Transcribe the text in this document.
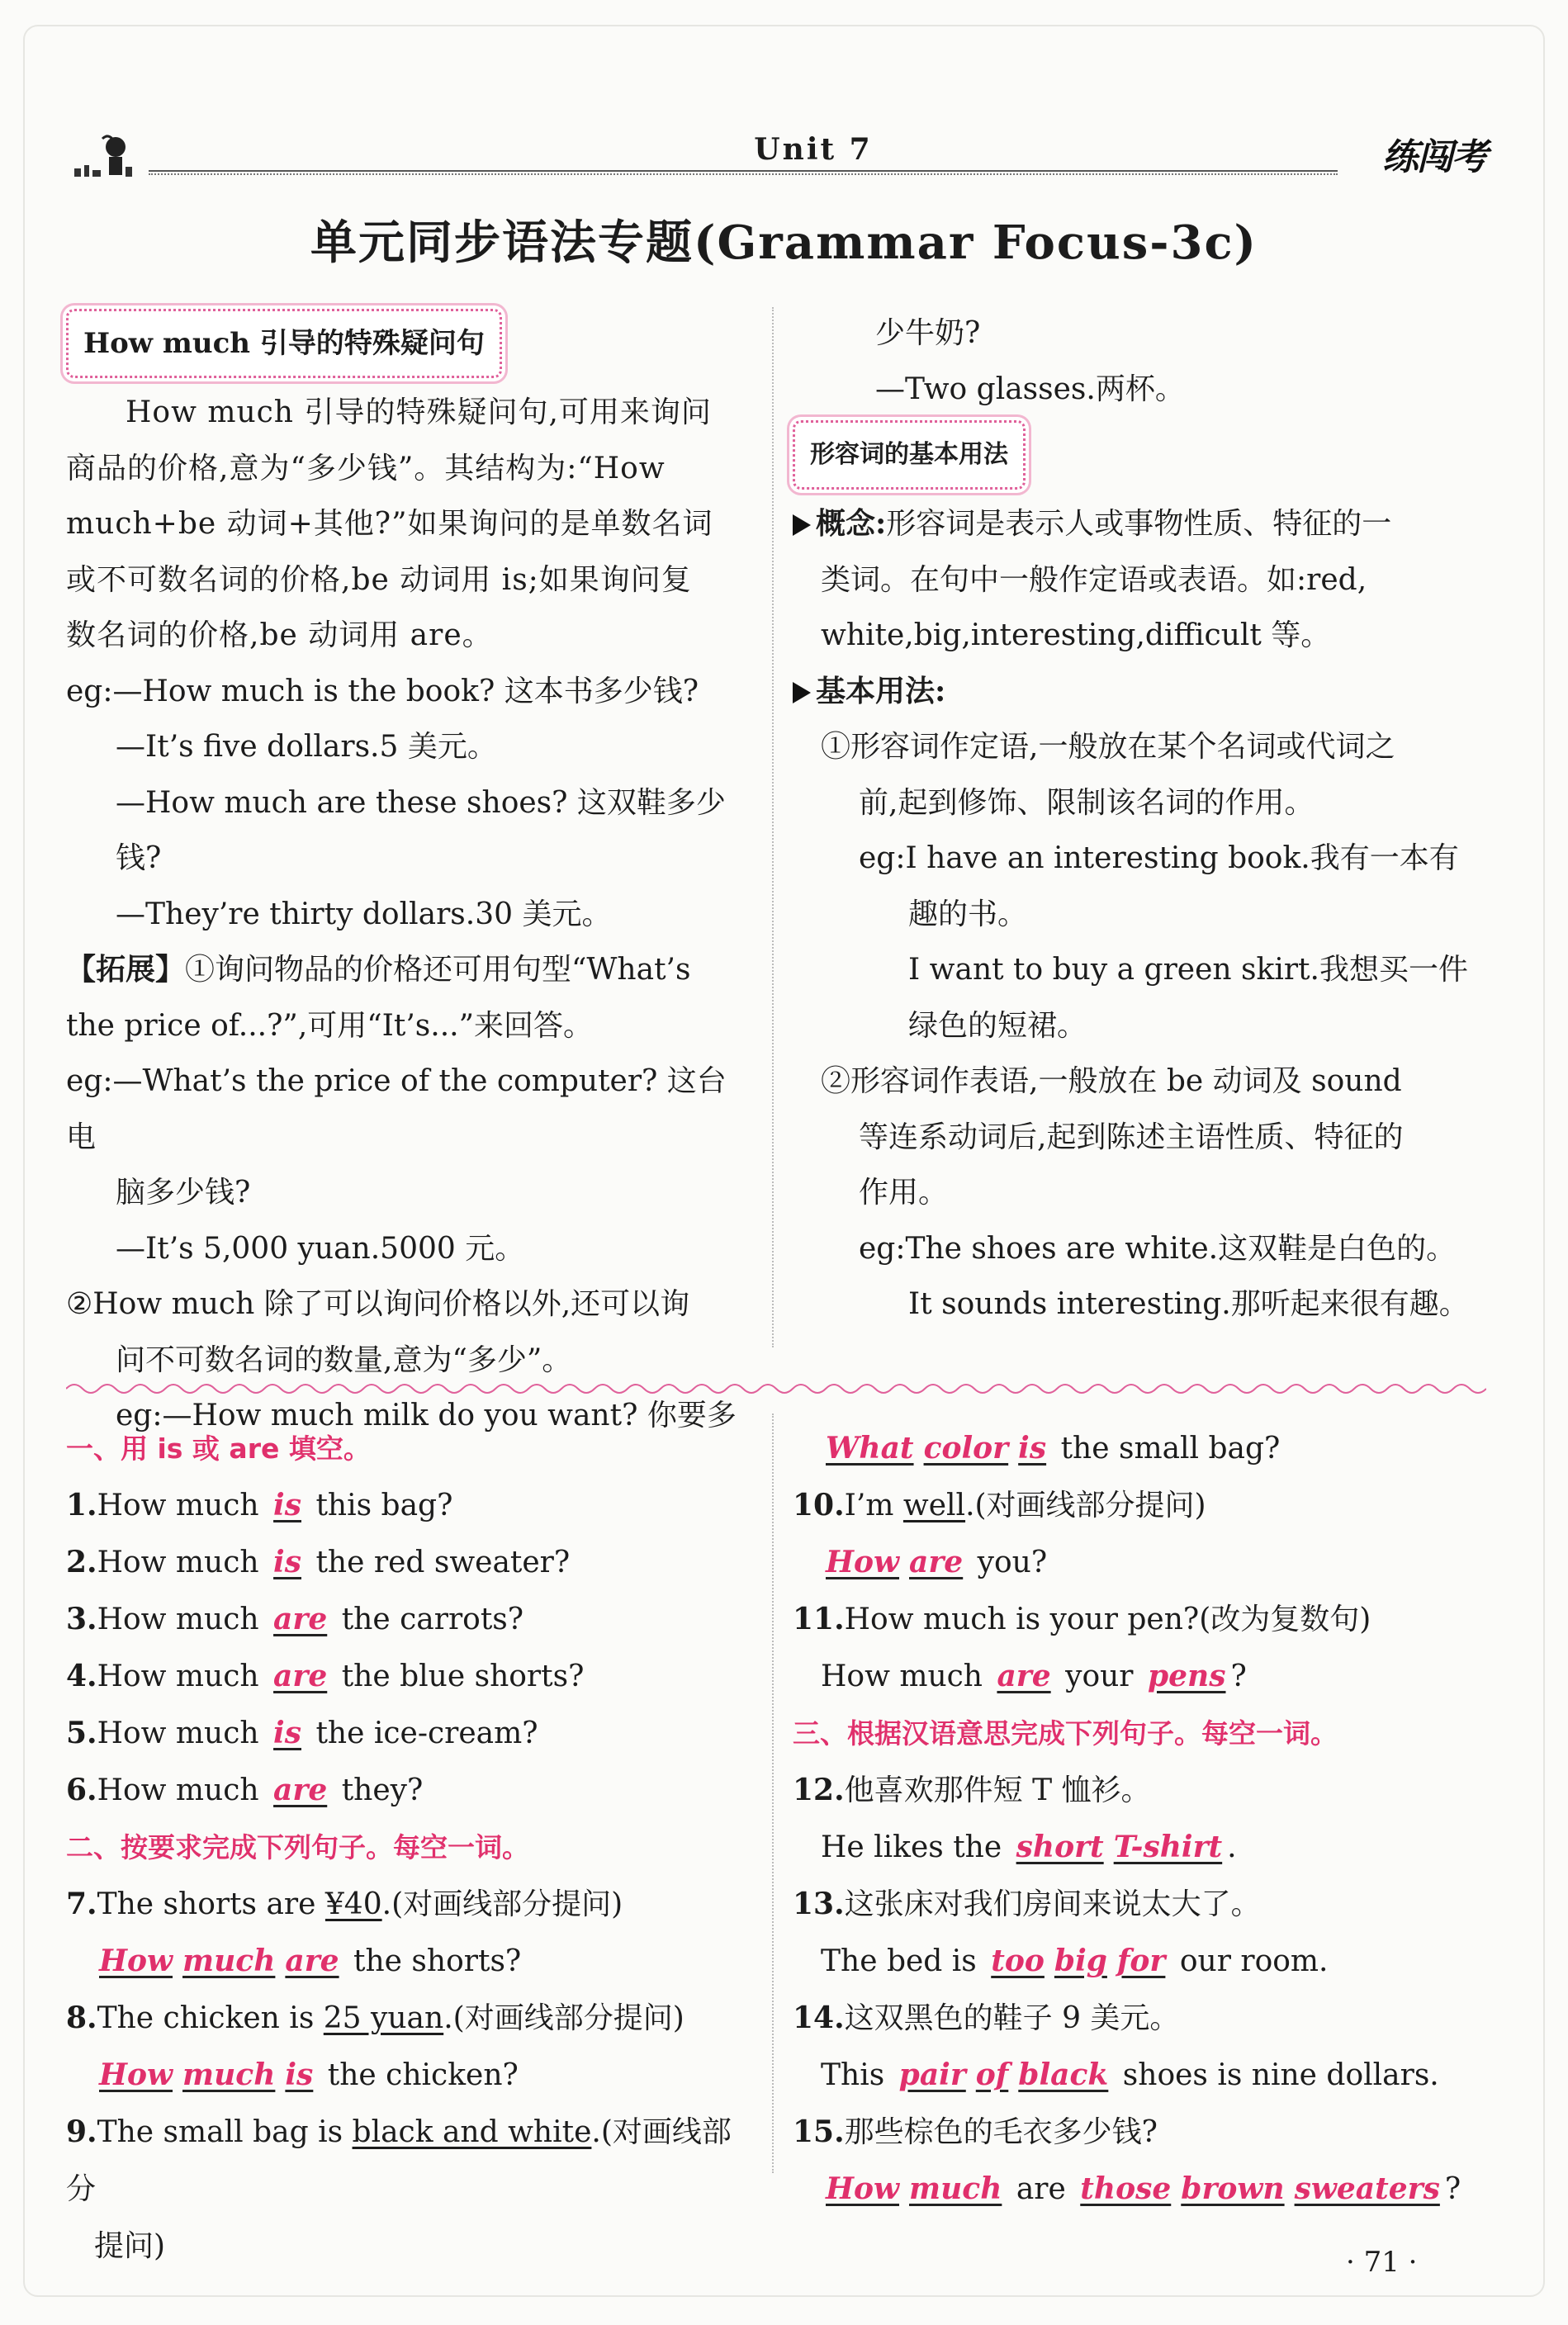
Unit 7	练闯考
单元同步语法专题(Grammar Focus-3c)
How much 引导的特殊疑问句
How much 引导的特殊疑问句,可用来询问
商品的价格,意为“多少钱”。其结构为:“How
much+be 动词+其他?”如果询问的是单数名词
或不可数名词的价格,be 动词用 is;如果询问复
数名词的价格,be 动词用 are。
eg:—How much is the book? 这本书多少钱?
—It’s five dollars.5 美元。
—How much are these shoes? 这双鞋多少钱?
—They’re thirty dollars.30 美元。
【拓展】①询问物品的价格还可用句型“What’s
the price of...?”,可用“It’s...”来回答。
eg:—What’s the price of the computer? 这台电
脑多少钱?
—It’s 5,000 yuan.5000 元。
②How much 除了可以询问价格以外,还可以询
问不可数名词的数量,意为“多少”。
eg:—How much milk do you want? 你要多
少牛奶?
—Two glasses.两杯。
形容词的基本用法
概念:形容词是表示人或事物性质、特征的一
类词。在句中一般作定语或表语。如:red,
white,big,interesting,difficult 等。
基本用法:
①形容词作定语,一般放在某个名词或代词之
前,起到修饰、限制该名词的作用。
eg:I have an interesting book.我有一本有
趣的书。
I want to buy a green skirt.我想买一件
绿色的短裙。
②形容词作表语,一般放在 be 动词及 sound
等连系动词后,起到陈述主语性质、特征的
作用。
eg:The shoes are white.这双鞋是白色的。
It sounds interesting.那听起来很有趣。
一、用 is 或 are 填空。
1.How much is this bag?
2.How much is the red sweater?
3.How much are the carrots?
4.How much are the blue shorts?
5.How much is the ice-cream?
6.How much are they?
二、按要求完成下列句子。每空一词。
7.The shorts are ¥40.(对画线部分提问)
How much are the shorts?
8.The chicken is 25 yuan.(对画线部分提问)
How much is the chicken?
9.The small bag is black and white.(对画线部分
提问)
What color is the small bag?
10.I’m well.(对画线部分提问)
How are you?
11.How much is your pen?(改为复数句)
How much are your pens ?
三、根据汉语意思完成下列句子。每空一词。
12.他喜欢那件短 T 恤衫。
He likes the short T-shirt .
13.这张床对我们房间来说太大了。
The bed is too big for our room.
14.这双黑色的鞋子 9 美元。
This pair of black shoes is nine dollars.
15.那些棕色的毛衣多少钱?
How much are those brown sweaters ?
· 71 ·
